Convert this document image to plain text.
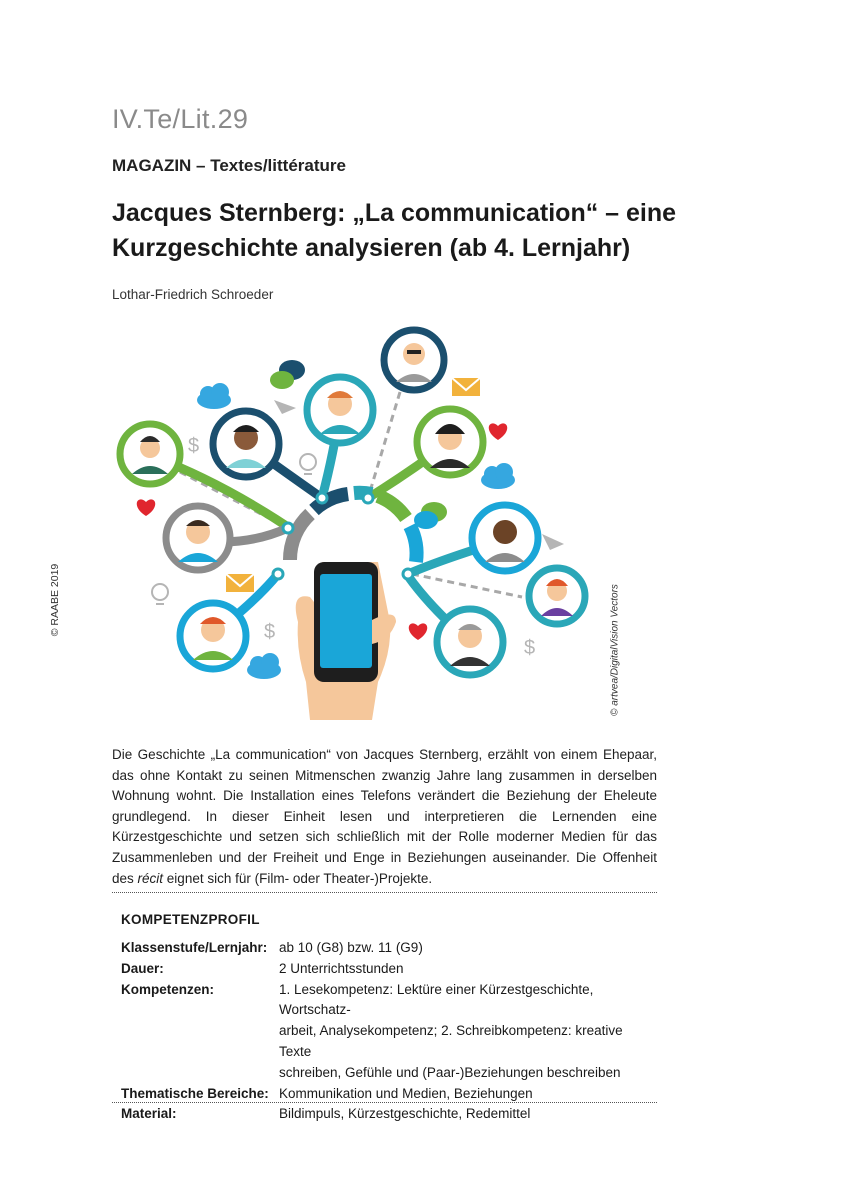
IV.Te/Lit.29
MAGAZIN – Textes/littérature
Jacques Sternberg: „La communication“ – eine
Kurzgeschichte analysieren (ab 4. Lernjahr)
Lothar-Friedrich Schroeder
© RAABE 2019
$
$
$	© artvea/DigitalVision Vectors
Die Geschichte „La communication“ von Jacques Sternberg, erzählt von einem Ehepaar, das ohne Kontakt zu seinen Mitmenschen zwanzig Jahre lang zusammen in derselben Wohnung wohnt. Die Installation eines Telefons verändert die Beziehung der Eheleute grundlegend. In dieser Einheit lesen und interpretieren die Lernenden eine Kürzestgeschichte und setzen sich schließlich mit der Rolle moderner Medien für das Zusammenleben und der Freiheit und Enge in Beziehungen auseinander. Die Offenheit des récit eignet sich für (Film- oder Theater-)Projekte.
KOMPETENZPROFIL
Klassenstufe/Lernjahr: ab 10 (G8) bzw. 11 (G9)
Dauer:	2 Unterrichtsstunden
Kompetenzen:	1. Lesekompetenz: Lektüre einer Kürzestgeschichte, Wortschatz-
arbeit, Analysekompetenz; 2. Schreibkompetenz: kreative Texte
schreiben, Gefühle und (Paar-)Beziehungen beschreiben
Thematische Bereiche: Kommunikation und Medien, Beziehungen
Material:	Bildimpuls, Kürzestgeschichte, Redemittel
